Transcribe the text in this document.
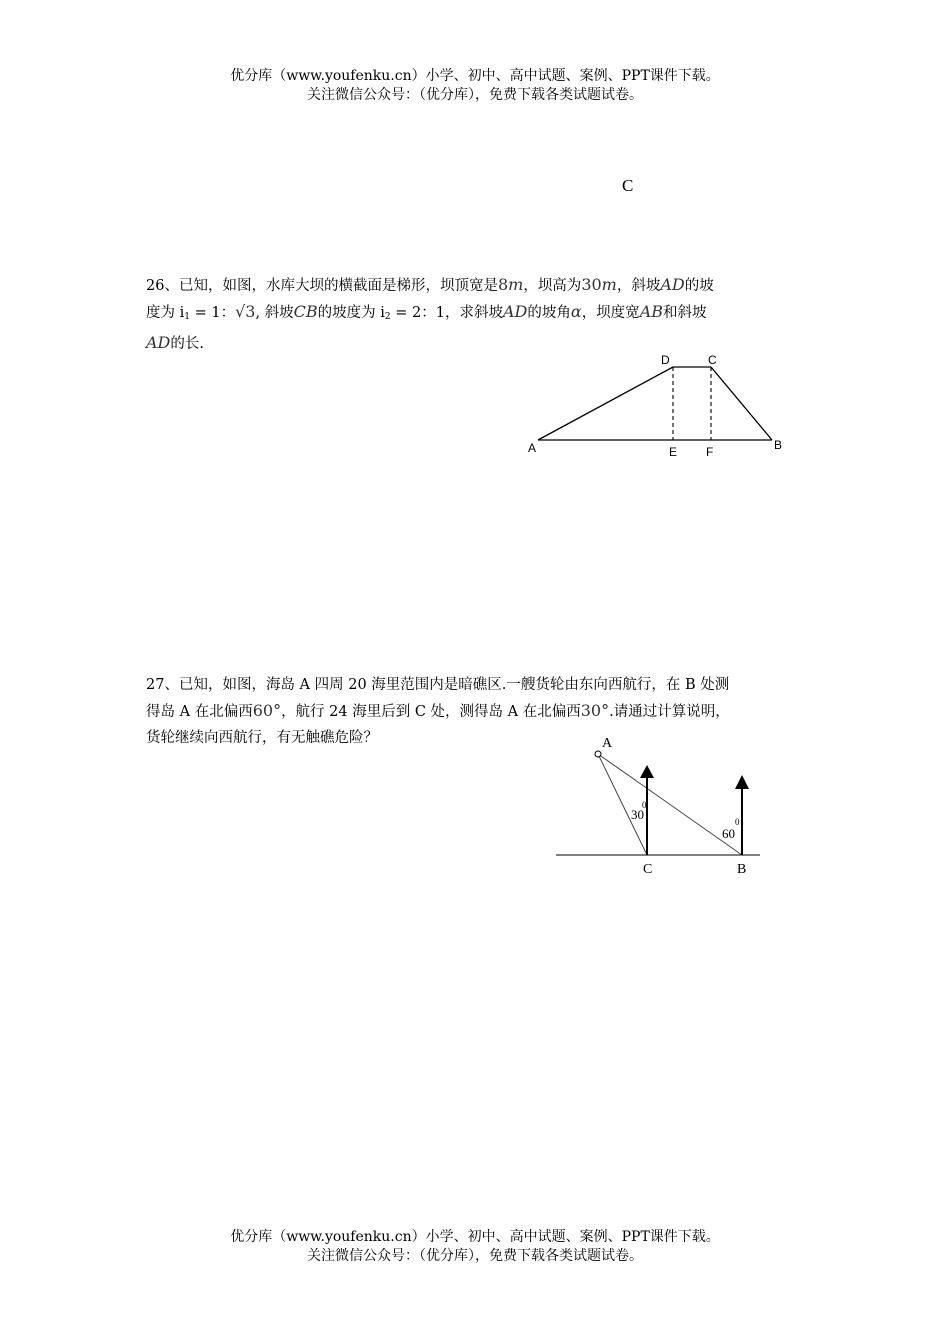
优分库（www.youfenku.cn）小学、初中、高中试题、案例、PPT课件下载。
关注微信公众号：（优分库），免费下载各类试题试卷。
C
26、已知，如图，水库大坝的横截面是梯形，坝顶宽是8m，坝高为30m，斜坡AD的坡
度为 $i_1 = 1$：√3, 斜坡CB的坡度为 $i_2 = 2$：1，求斜坡AD的坡角α，坝度宽AB和斜坡
AD的长.
D	C
A	E F	B
27、已知，如图，海岛 A 四周 20 海里范围内是暗礁区.一艘货轮由东向西航行，在 B 处测
得岛 A 在北偏西60°，航行 24 海里后到 C 处，测得岛 A 在北偏西30°.请通过计算说明，
货轮继续向西航行，有无触礁危险？	A
C	B
30
0
60
0
优分库（www.youfenku.cn）小学、初中、高中试题、案例、PPT课件下载。
关注微信公众号：（优分库），免费下载各类试题试卷。
